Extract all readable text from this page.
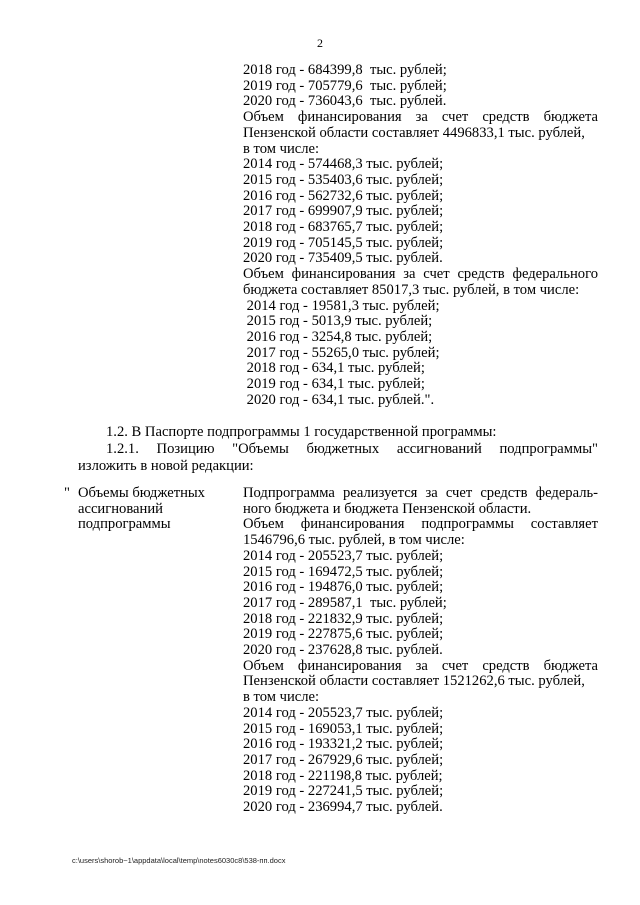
2
2018 год - 684399,8  тыс. рублей;
2019 год - 705779,6  тыс. рублей;
2020 год - 736043,6  тыс. рублей.
Объем финансирования за счет средств бюджета
Пензенской области составляет 4496833,1 тыс. рублей,
в том числе:
2014 год - 574468,3 тыс. рублей;
2015 год - 535403,6 тыс. рублей;
2016 год - 562732,6 тыс. рублей;
2017 год - 699907,9 тыс. рублей;
2018 год - 683765,7 тыс. рублей;
2019 год - 705145,5 тыс. рублей;
2020 год - 735409,5 тыс. рублей.
Объем финансирования за счет средств федерального
бюджета составляет 85017,3 тыс. рублей, в том числе:
2014 год - 19581,3 тыс. рублей;
2015 год - 5013,9 тыс. рублей;
2016 год - 3254,8 тыс. рублей;
2017 год - 55265,0 тыс. рублей;
2018 год - 634,1 тыс. рублей;
2019 год - 634,1 тыс. рублей;
2020 год - 634,1 тыс. рублей.".
1.2. В Паспорте подпрограммы 1 государственной программы:
1.2.1. Позицию "Объемы бюджетных ассигнований подпрограммы"
изложить в новой редакции:
" Объемы бюджетных
ассигнований
подпрограммы
Подпрограмма реализуется за счет средств федераль-
ного бюджета и бюджета Пензенской области.
Объем финансирования подпрограммы составляет
1546796,6 тыс. рублей, в том числе:
2014 год - 205523,7 тыс. рублей;
2015 год - 169472,5 тыс. рублей;
2016 год - 194876,0 тыс. рублей;
2017 год - 289587,1  тыс. рублей;
2018 год - 221832,9 тыс. рублей;
2019 год - 227875,6 тыс. рублей;
2020 год - 237628,8 тыс. рублей.
Объем финансирования за счет средств бюджета
Пензенской области составляет 1521262,6 тыс. рублей,
в том числе:
2014 год - 205523,7 тыс. рублей;
2015 год - 169053,1 тыс. рублей;
2016 год - 193321,2 тыс. рублей;
2017 год - 267929,6 тыс. рублей;
2018 год - 221198,8 тыс. рублей;
2019 год - 227241,5 тыс. рублей;
2020 год - 236994,7 тыс. рублей.
c:\users\shorob~1\appdata\local\temp\notes6030c8\538-пп.docx
